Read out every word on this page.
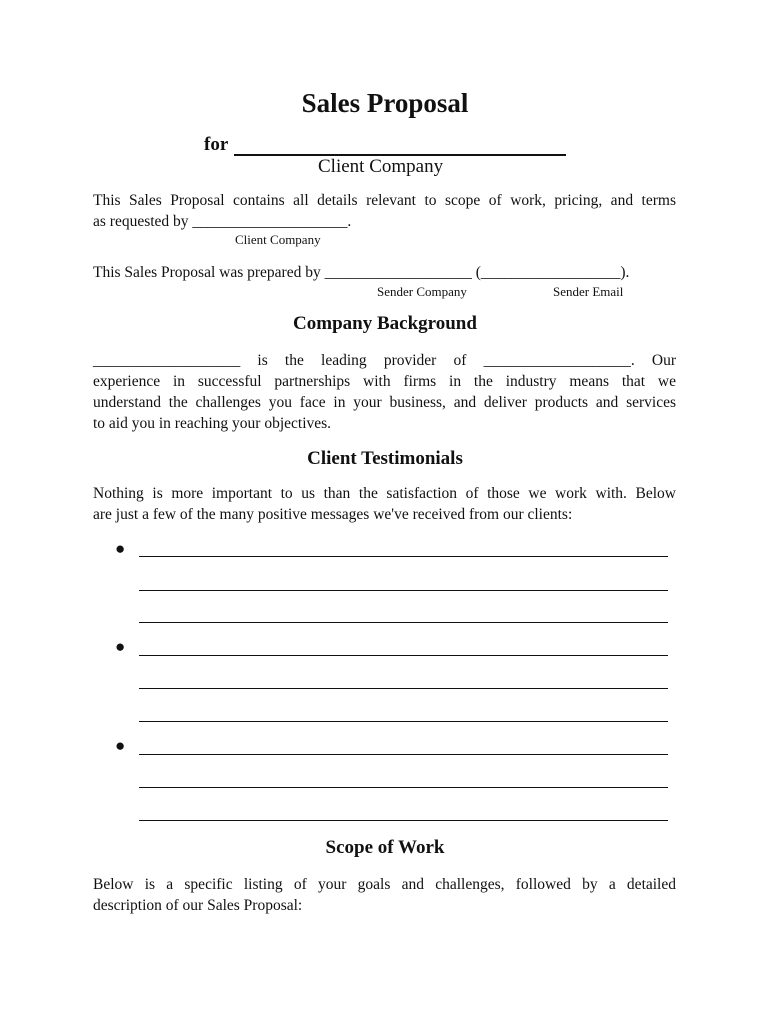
Sales Proposal
for
Client Company
This Sales Proposal contains all details relevant to scope of work, pricing, and terms
as requested by ____________________.
Client Company
This Sales Proposal was prepared by ___________________ (__________________).
Sender Company	Sender Email
Company Background
___________________ is the leading provider of ___________________. Our
experience in successful partnerships with firms in the industry means that we
understand the challenges you face in your business, and deliver products and services
to aid you in reaching your objectives.
Client Testimonials
Nothing is more important to us than the satisfaction of those we work with. Below
are just a few of the many positive messages we've received from our clients:
●
●
●
Scope of Work
Below is a specific listing of your goals and challenges, followed by a detailed
description of our Sales Proposal:
